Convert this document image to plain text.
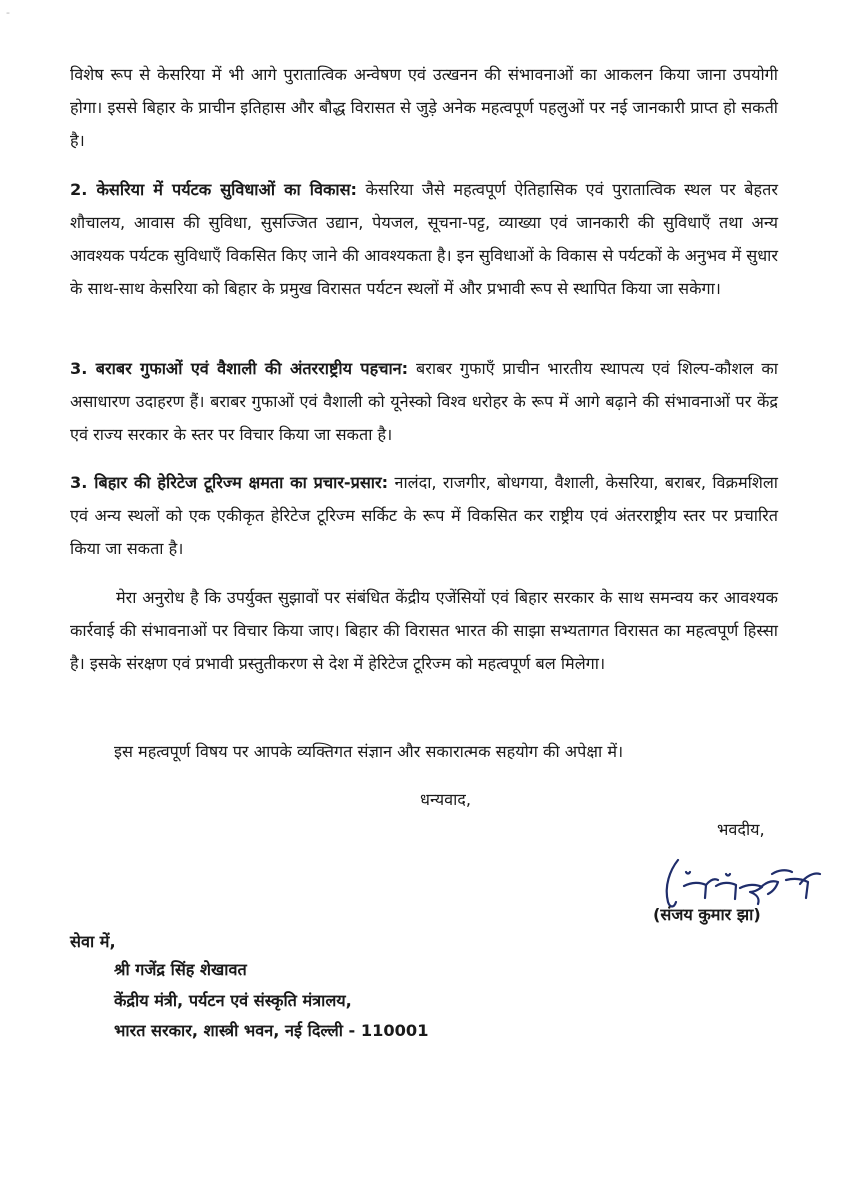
-

विशेष रूप से केसरिया में भी आगे पुरातात्विक अन्वेषण एवं उत्खनन की संभावनाओं का आकलन किया जाना उपयोगी होगा। इससे बिहार के प्राचीन इतिहास और बौद्ध विरासत से जुड़े अनेक महत्वपूर्ण पहलुओं पर नई जानकारी प्राप्त हो सकती है।

2. केसरिया में पर्यटक सुविधाओं का विकास: केसरिया जैसे महत्वपूर्ण ऐतिहासिक एवं पुरातात्विक स्थल पर बेहतर शौचालय, आवास की सुविधा, सुसज्जित उद्यान, पेयजल, सूचना-पट्ट, व्याख्या एवं जानकारी की सुविधाएँ तथा अन्य आवश्यक पर्यटक सुविधाएँ विकसित किए जाने की आवश्यकता है। इन सुविधाओं के विकास से पर्यटकों के अनुभव में सुधार के साथ-साथ केसरिया को बिहार के प्रमुख विरासत पर्यटन स्थलों में और प्रभावी रूप से स्थापित किया जा सकेगा।

3. बराबर गुफाओं एवं वैशाली की अंतरराष्ट्रीय पहचान: बराबर गुफाएँ प्राचीन भारतीय स्थापत्य एवं शिल्प-कौशल का असाधारण उदाहरण हैं। बराबर गुफाओं एवं वैशाली को यूनेस्को विश्व धरोहर के रूप में आगे बढ़ाने की संभावनाओं पर केंद्र एवं राज्य सरकार के स्तर पर विचार किया जा सकता है।

3. बिहार की हेरिटेज टूरिज्म क्षमता का प्रचार-प्रसार: नालंदा, राजगीर, बोधगया, वैशाली, केसरिया, बराबर, विक्रमशिला एवं अन्य स्थलों को एक एकीकृत हेरिटेज टूरिज्म सर्किट के रूप में विकसित कर राष्ट्रीय एवं अंतरराष्ट्रीय स्तर पर प्रचारित किया जा सकता है।

मेरा अनुरोध है कि उपर्युक्त सुझावों पर संबंधित केंद्रीय एजेंसियों एवं बिहार सरकार के साथ समन्वय कर आवश्यक कार्रवाई की संभावनाओं पर विचार किया जाए। बिहार की विरासत भारत की साझा सभ्यतागत विरासत का महत्वपूर्ण हिस्सा है। इसके संरक्षण एवं प्रभावी प्रस्तुतीकरण से देश में हेरिटेज टूरिज्म को महत्वपूर्ण बल मिलेगा।

इस महत्वपूर्ण विषय पर आपके व्यक्तिगत संज्ञान और सकारात्मक सहयोग की अपेक्षा में।

धन्यवाद,
भवदीय,
(संजय कुमार झा)
सेवा में,
श्री गजेंद्र सिंह शेखावत
केंद्रीय मंत्री, पर्यटन एवं संस्कृति मंत्रालय,
भारत सरकार, शास्त्री भवन, नई दिल्ली - 110001
